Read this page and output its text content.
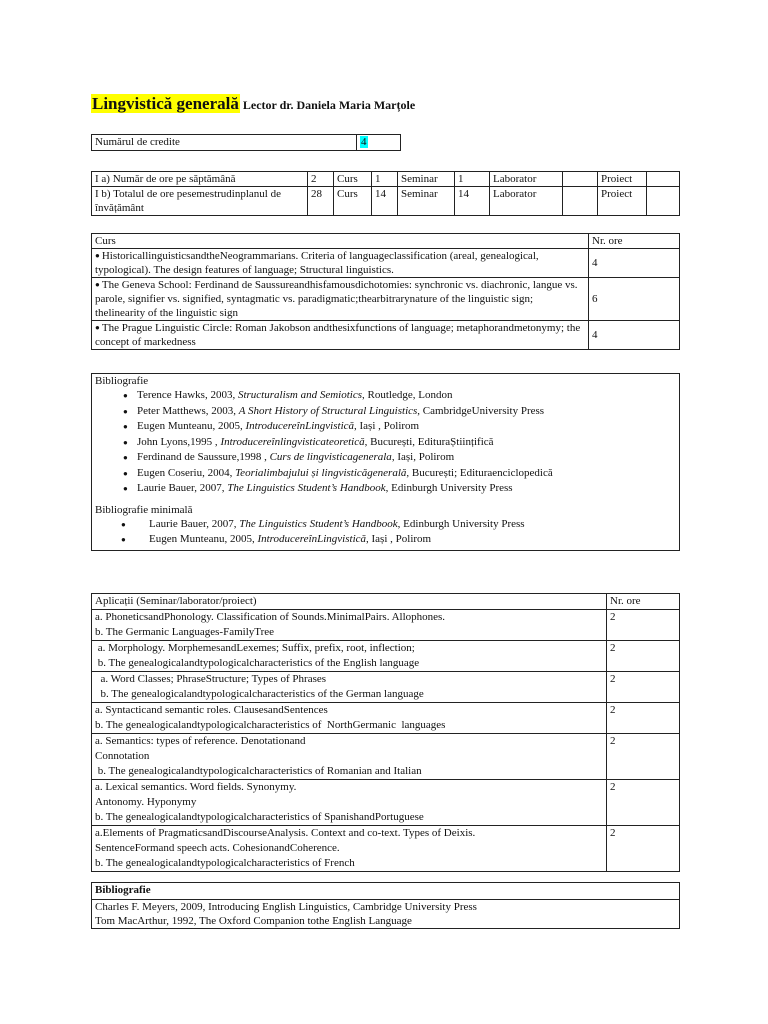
Lingvistică generală Lector dr. Daniela Maria Marțole
Numărul de credite	4
I a) Număr de ore pe săptămână	2	Curs	1	Seminar	1	Laborator		Proiect	
I b) Totalul de ore pesemestrudinplanul de învățământ	28	Curs	14	Seminar	14	Laborator		Proiect	
Curs	Nr. ore
● HistoricallinguisticsandtheNeogrammarians. Criteria of languageclassification (areal, genealogical, typological). The design features of language; Structural linguistics.	4
● The Geneva School: Ferdinand de Saussureandhisfamousdichotomies: synchronic vs. diachronic, langue vs. parole, signifier vs. signified, syntagmatic vs. paradigmatic;thearbitrarynature of the linguistic sign; thelinearity of the linguistic sign	6
● The Prague Linguistic Circle: Roman Jakobson andthesixfunctions of language; metaphorandmetonymy; the concept of markedness	4
Bibliografie
● Terence Hawks, 2003, Structuralism and Semiotics, Routledge, London
● Peter Matthews, 2003, A Short History of Structural Linguistics, CambridgeUniversity Press
● Eugen Munteanu, 2005, IntroducereînLingvistică, Iași , Polirom
● John Lyons,1995 , Introducereînlingvisticateoretică, București, EdituraȘtiințifică
● Ferdinand de Saussure,1998 , Curs de lingvisticagenerala, Iași, Polirom
● Eugen Coseriu, 2004, Teorialimbajului și lingvisticăgenerală, București; Edituraenciclopedică
● Laurie Bauer, 2007, The Linguistics Student’s Handbook, Edinburgh University Press
Bibliografie minimală
● Laurie Bauer, 2007, The Linguistics Student’s Handbook, Edinburgh University Press
● Eugen Munteanu, 2005, IntroducereînLingvistică, Iași , Polirom
Aplicații (Seminar/laborator/proiect)	Nr. ore

a. PhoneticsandPhonology. Classification of Sounds.MinimalPairs. Allophones.
b. The Germanic Languages-FamilyTree	2

a. Morphology. MorphemesandLexemes; Suffix, prefix, root, inflection;
b. The genealogicalandtypologicalcharacteristics of the English language	2

a. Word Classes; PhraseStructure; Types of Phrases
b. The genealogicalandtypologicalcharacteristics of the German language	2

a. Syntacticand semantic roles. ClausesandSentences
b. The genealogicalandtypologicalcharacteristics of  NorthGermanic  languages	2

a. Semantics: types of reference. Denotationand
Connotation
b. The genealogicalandtypologicalcharacteristics of Romanian and Italian	2

a. Lexical semantics. Word fields. Synonymy.
Antonomy. Hyponymy
b. The genealogicalandtypologicalcharacteristics of SpanishandPortuguese	2

a.Elements of PragmaticsandDiscourseAnalysis. Context and co-text. Types of Deixis.
SentenceFormand speech acts. CohesionandCoherence.
b. The genealogicalandtypologicalcharacteristics of French	2
Bibliografie

Charles F. Meyers, 2009, Introducing English Linguistics, Cambridge University Press
Tom MacArthur, 1992, The Oxford Companion tothe English Language
